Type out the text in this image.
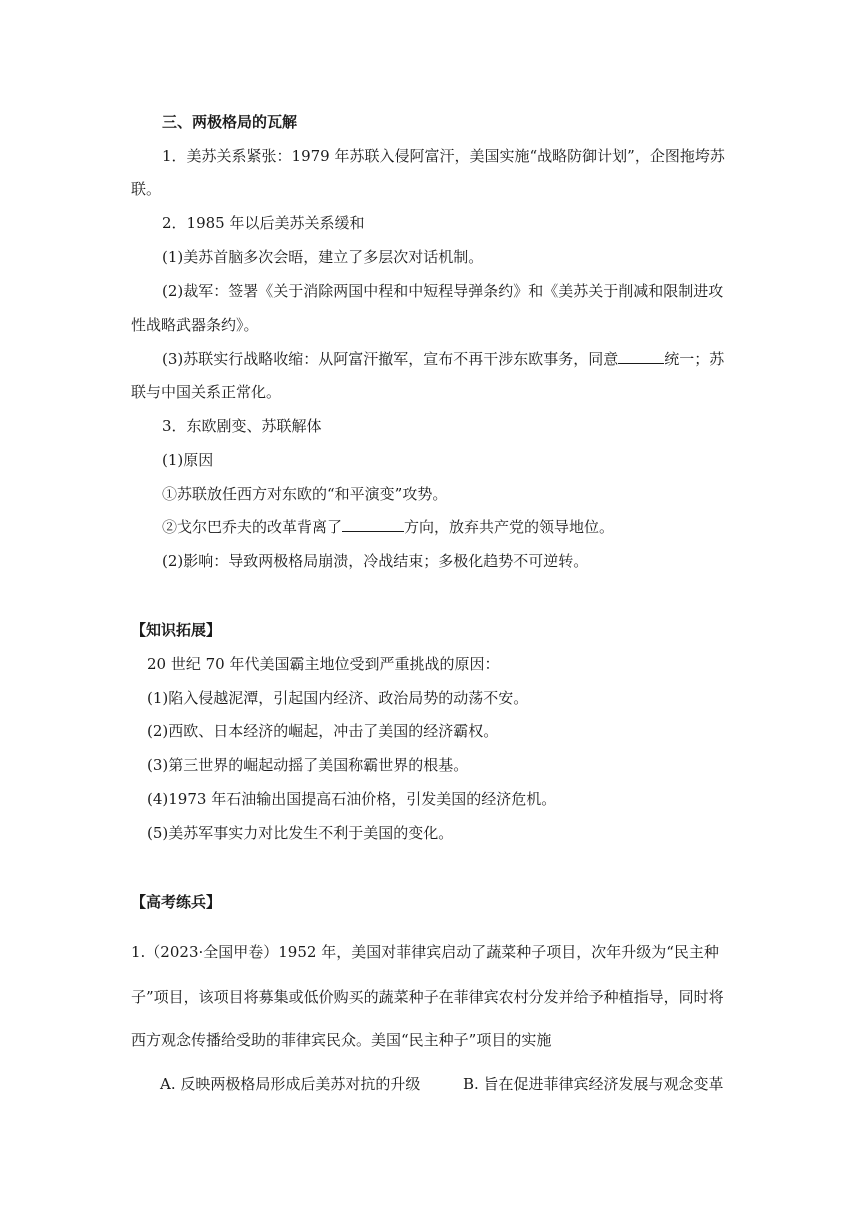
三、两极格局的瓦解
1．美苏关系紧张：1979 年苏联入侵阿富汗，美国实施“战略防御计划”，企图拖垮苏
联。
2．1985 年以后美苏关系缓和
(1)美苏首脑多次会晤，建立了多层次对话机制。
(2)裁军：签署《关于消除两国中程和中短程导弹条约》和《美苏关于削减和限制进攻
性战略武器条约》。
(3)苏联实行战略收缩：从阿富汗撤军，宣布不再干涉东欧事务，同意	统一；苏
联与中国关系正常化。
3．东欧剧变、苏联解体
(1)原因
①苏联放任西方对东欧的“和平演变”攻势。
②戈尔巴乔夫的改革背离了	方向，放弃共产党的领导地位。
(2)影响：导致两极格局崩溃，冷战结束；多极化趋势不可逆转。
【知识拓展】
20 世纪 70 年代美国霸主地位受到严重挑战的原因：
(1)陷入侵越泥潭，引起国内经济、政治局势的动荡不安。
(2)西欧、日本经济的崛起，冲击了美国的经济霸权。
(3)第三世界的崛起动摇了美国称霸世界的根基。
(4)1973 年石油输出国提高石油价格，引发美国的经济危机。
(5)美苏军事实力对比发生不利于美国的变化。
【高考练兵】
1.（2023·全国甲卷）1952 年，美国对菲律宾启动了蔬菜种子项目，次年升级为“民主种
子”项目，该项目将募集或低价购买的蔬菜种子在菲律宾农村分发并给予种植指导，同时将
西方观念传播给受助的菲律宾民众。美国“民主种子”项目的实施
A. 反映两极格局形成后美苏对抗的升级	B. 旨在促进菲律宾经济发展与观念变革
